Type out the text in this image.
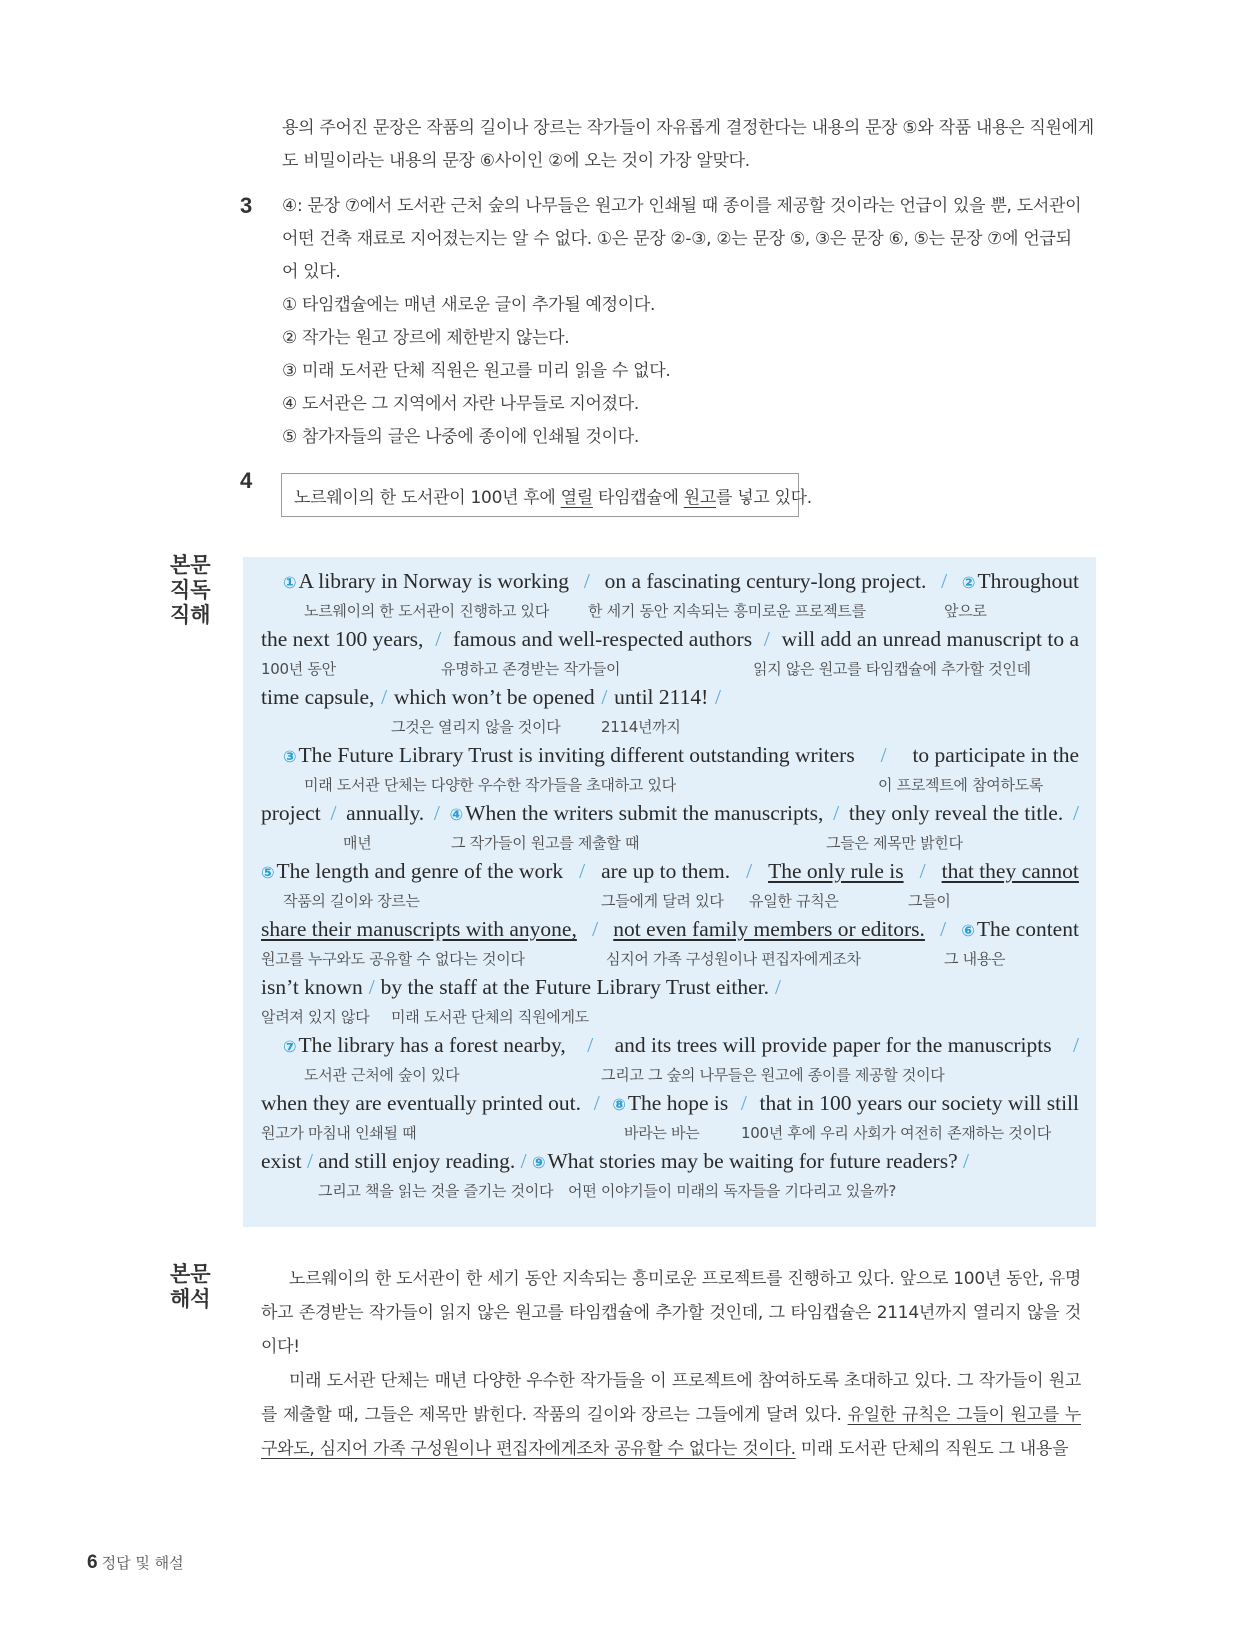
용의 주어진 문장은 작품의 길이나 장르는 작가들이 자유롭게 결정한다는 내용의 문장 ⑤와 작품 내용은 직원에게
도 비밀이라는 내용의 문장 ⑥사이인 ②에 오는 것이 가장 알맞다.
3 ④: 문장 ⑦에서 도서관 근처 숲의 나무들은 원고가 인쇄될 때 종이를 제공할 것이라는 언급이 있을 뿐, 도서관이
어떤 건축 재료로 지어졌는지는 알 수 없다. ①은 문장 ②-③, ②는 문장 ⑤, ③은 문장 ⑥, ⑤는 문장 ⑦에 언급되
어 있다.
① 타임캡슐에는 매년 새로운 글이 추가될 예정이다.
② 작가는 원고 장르에 제한받지 않는다.
③ 미래 도서관 단체 직원은 원고를 미리 읽을 수 없다.
④ 도서관은 그 지역에서 자란 나무들로 지어졌다.
⑤ 참가자들의 글은 나중에 종이에 인쇄될 것이다.
4
노르웨이의 한 도서관이 100년 후에 열릴 타임캡슐에 원고를 넣고 있다.
본문
직독
직해
①A library in Norway is working / on a fascinating century-long project. / ②Throughout
노르웨이의 한 도서관이 진행하고 있다	한 세기 동안 지속되는 흥미로운 프로젝트를	앞으로
the next 100 years, / famous and well-respected authors / will add an unread manuscript to a
100년 동안	유명하고 존경받는 작가들이	읽지 않은 원고를 타임캡슐에 추가할 것인데
time capsule, / which won’t be opened / until 2114! /
그것은 열리지 않을 것이다	2114년까지
③The Future Library Trust is inviting different outstanding writers / to participate in the
미래 도서관 단체는 다양한 우수한 작가들을 초대하고 있다	이 프로젝트에 참여하도록
project / annually. / ④When the writers submit the manuscripts, / they only reveal the title. /
매년	그 작가들이 원고를 제출할 때	그들은 제목만 밝힌다
⑤The length and genre of the work / are up to them. / The only rule is / that they cannot
작품의 길이와 장르는	그들에게 달려 있다 유일한 규칙은	그들이
share their manuscripts with anyone, / not even family members or editors. / ⑥The content
원고를 누구와도 공유할 수 없다는 것이다	심지어 가족 구성원이나 편집자에게조차	그 내용은
isn’t known / by the staff at the Future Library Trust either. /
알려져 있지 않다 미래 도서관 단체의 직원에게도
⑦The library has a forest nearby, / and its trees will provide paper for the manuscripts /
도서관 근처에 숲이 있다	그리고 그 숲의 나무들은 원고에 종이를 제공할 것이다
when they are eventually printed out. / ⑧The hope is / that in 100 years our society will still
원고가 마침내 인쇄될 때	바라는 바는	100년 후에 우리 사회가 여전히 존재하는 것이다
exist / and still enjoy reading. / ⑨What stories may be waiting for future readers? /
그리고 책을 읽는 것을 즐기는 것이다 어떤 이야기들이 미래의 독자들을 기다리고 있을까?
본문
해석

노르웨이의 한 도서관이 한 세기 동안 지속되는 흥미로운 프로젝트를 진행하고 있다. 앞으로 100년 동안, 유명하고 존경받는 작가들이 읽지 않은 원고를 타임캡슐에 추가할 것인데, 그 타임캡슐은 2114년까지 열리지 않을 것이다!

미래 도서관 단체는 매년 다양한 우수한 작가들을 이 프로젝트에 참여하도록 초대하고 있다. 그 작가들이 원고를 제출할 때, 그들은 제목만 밝힌다. 작품의 길이와 장르는 그들에게 달려 있다. 유일한 규칙은 그들이 원고를 누구와도, 심지어 가족 구성원이나 편집자에게조차 공유할 수 없다는 것이다. 미래 도서관 단체의 직원도 그 내용을

6 정답 및 해설
